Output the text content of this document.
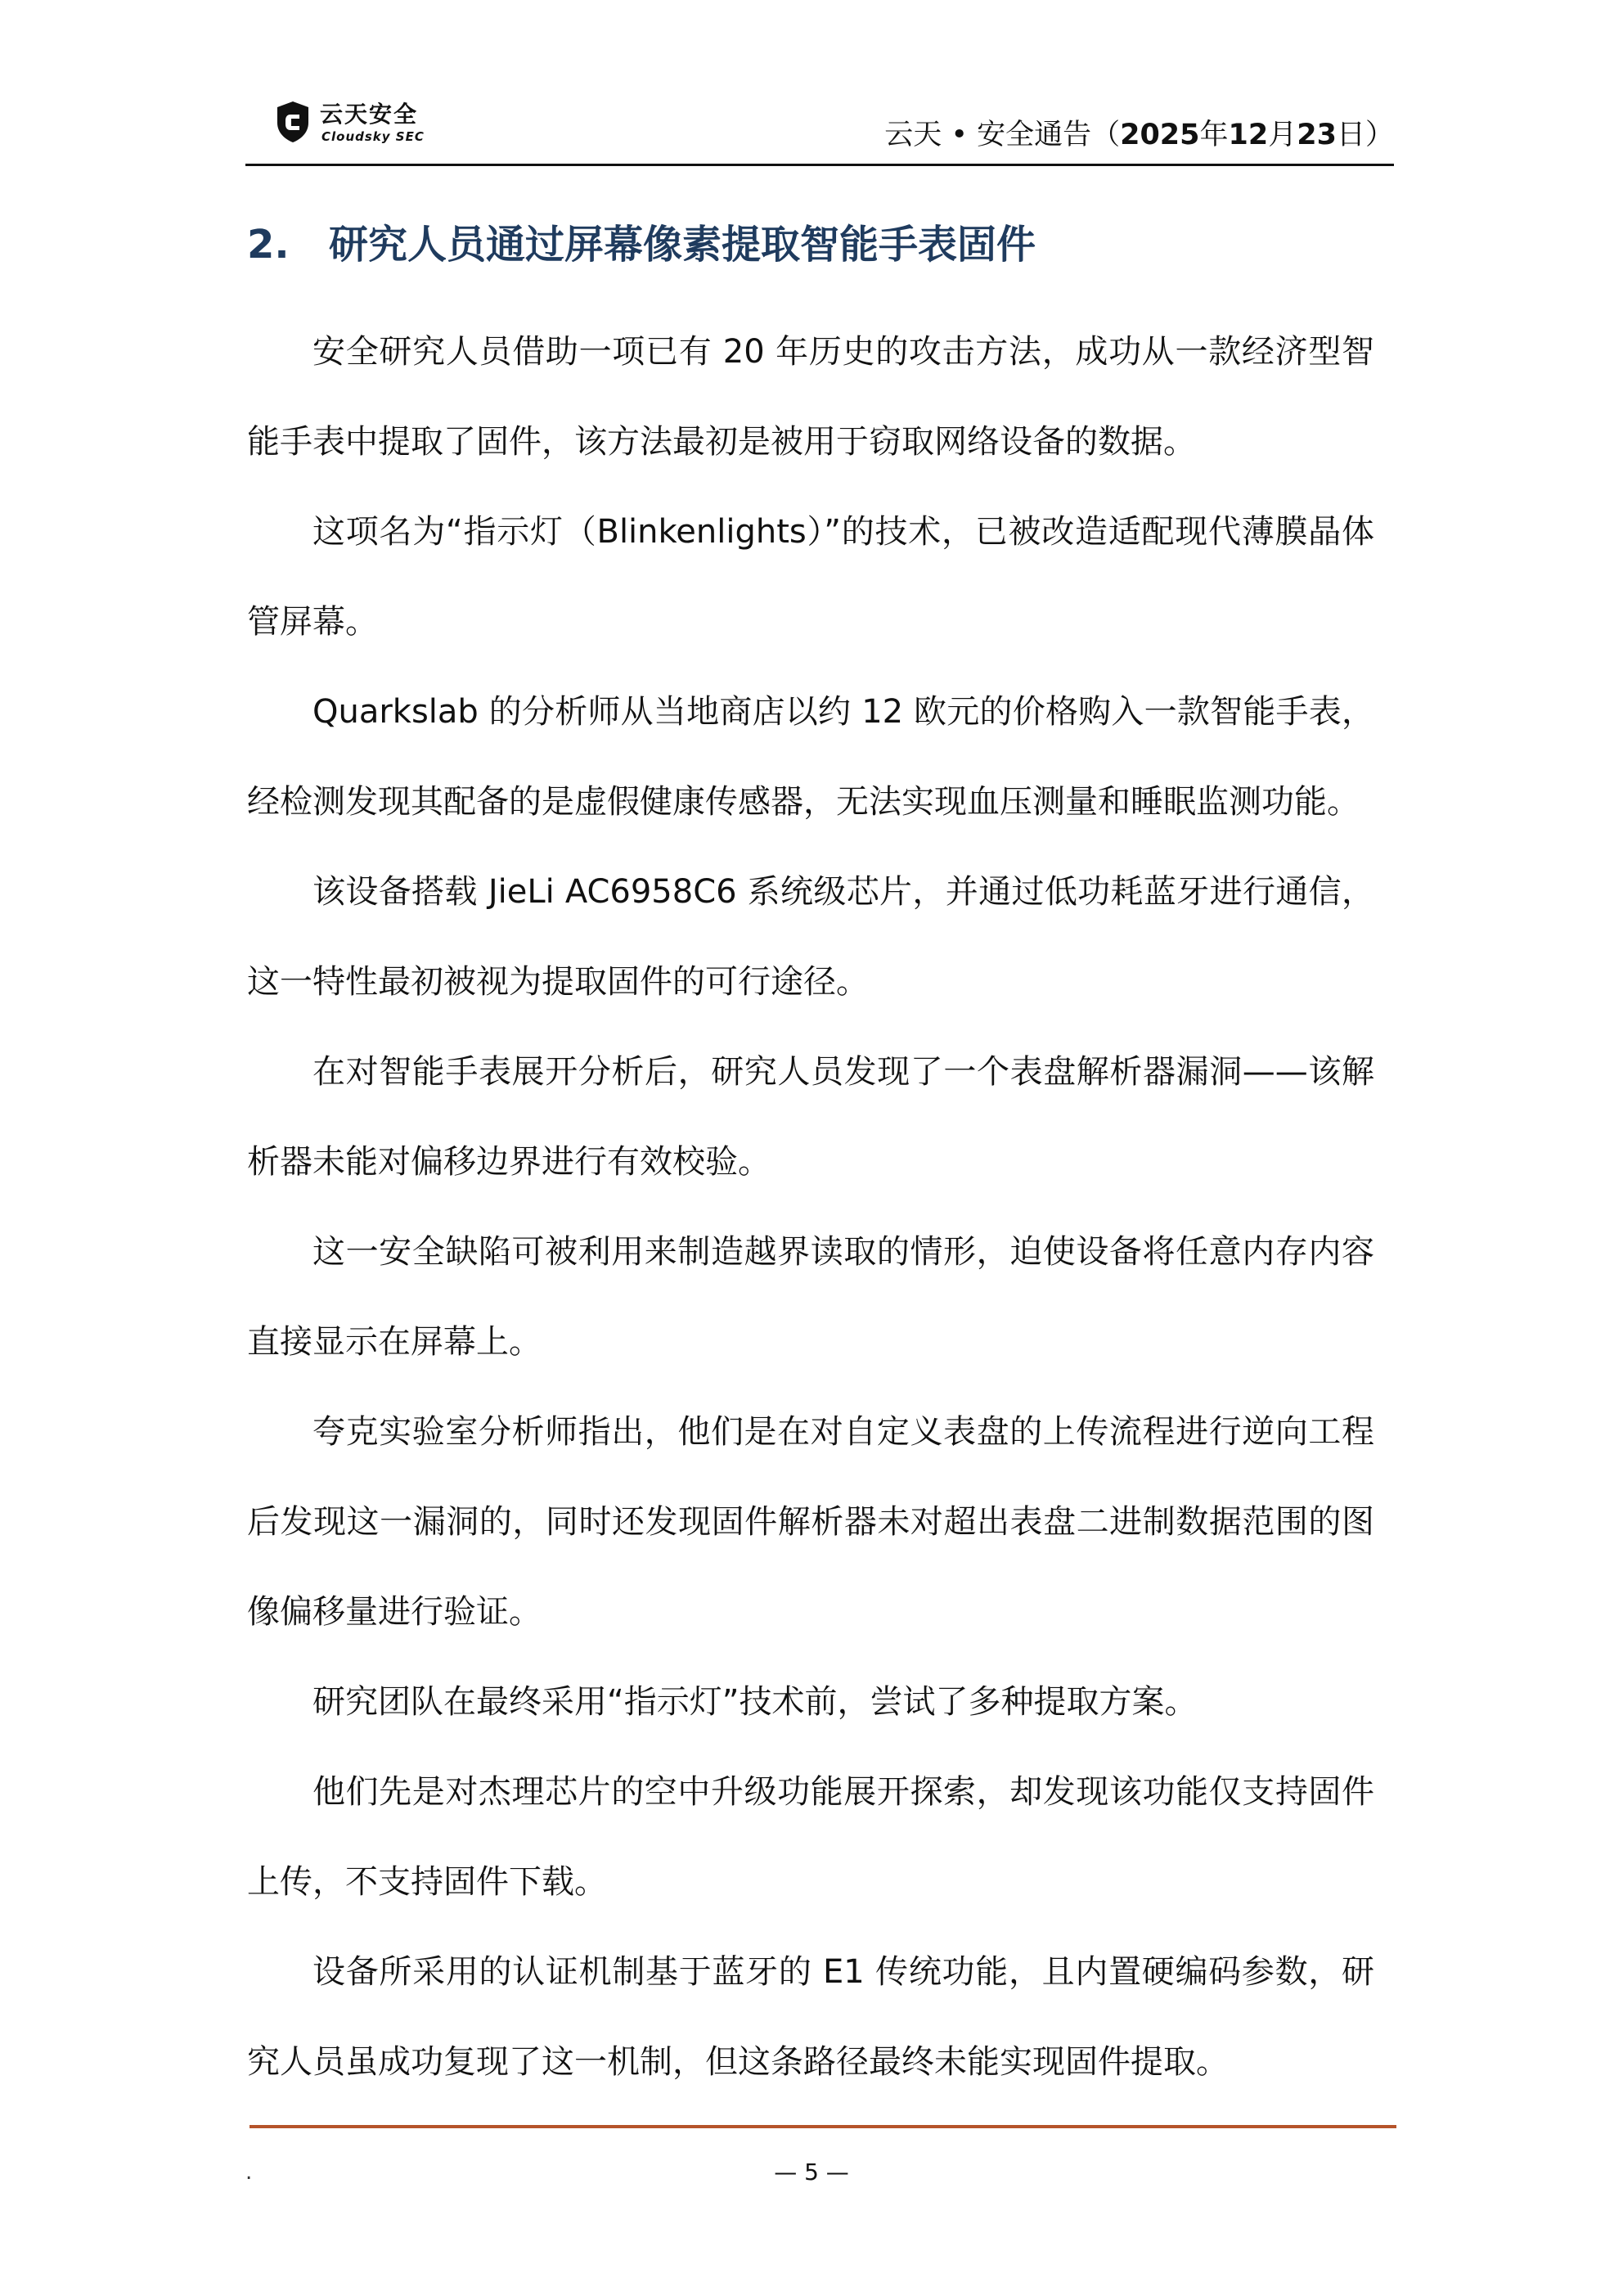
云天安全
Cloudsky SEC	云天 • 安全通告（2025年12月23日）
2. 研究人员通过屏幕像素提取智能手表固件

安全研究人员借助一项已有 20 年历史的攻击方法，成功从一款经济型智能手表中提取了固件，该方法最初是被用于窃取网络设备的数据。

这项名为“指示灯（Blinkenlights）”的技术，已被改造适配现代薄膜晶体管屏幕。

Quarkslab 的分析师从当地商店以约 12 欧元的价格购入一款智能手表，经检测发现其配备的是虚假健康传感器，无法实现血压测量和睡眠监测功能。

该设备搭载 JieLi AC6958C6 系统级芯片，并通过低功耗蓝牙进行通信，这一特性最初被视为提取固件的可行途径。

在对智能手表展开分析后，研究人员发现了一个表盘解析器漏洞——该解析器未能对偏移边界进行有效校验。

这一安全缺陷可被利用来制造越界读取的情形，迫使设备将任意内存内容直接显示在屏幕上。

夸克实验室分析师指出，他们是在对自定义表盘的上传流程进行逆向工程后发现这一漏洞的，同时还发现固件解析器未对超出表盘二进制数据范围的图像偏移量进行验证。

研究团队在最终采用“指示灯”技术前，尝试了多种提取方案。

他们先是对杰理芯片的空中升级功能展开探索，却发现该功能仅支持固件上传，不支持固件下载。

设备所采用的认证机制基于蓝牙的 E1 传统功能，且内置硬编码参数，研究人员虽成功复现了这一机制，但这条路径最终未能实现固件提取。

.	— 5 —
